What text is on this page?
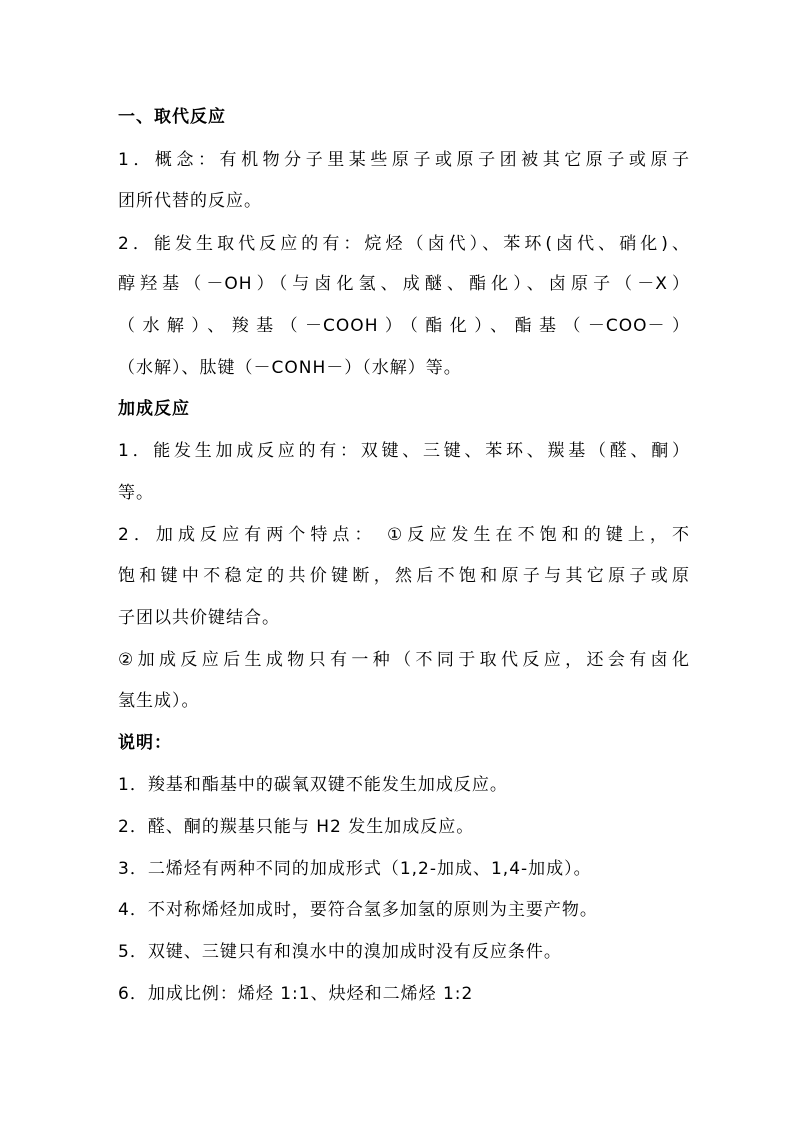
一、取代反应
1．概念：有机物分子里某些原子或原子团被其它原子或原子
团所代替的反应。
2．能发生取代反应的有：烷烃（卤代）、苯环(卤代、硝化)、
醇羟基（－OH）（与卤化氢、成醚、酯化）、卤原子（－X）
（水解）、羧基（－COOH）（酯化）、酯基（－COO－）
（水解）、肽键（－CONH－）（水解）等。
加成反应
1．能发生加成反应的有：双键、三键、苯环、羰基（醛、酮）
等。
2．加成反应有两个特点： ①反应发生在不饱和的键上，不
饱和键中不稳定的共价键断，然后不饱和原子与其它原子或原
子团以共价键结合。
②加成反应后生成物只有一种（不同于取代反应，还会有卤化
氢生成）。
说明：
1．羧基和酯基中的碳氧双键不能发生加成反应。
2．醛、酮的羰基只能与 H2 发生加成反应。
3．二烯烃有两种不同的加成形式（1,2-加成、1,4-加成）。
4．不对称烯烃加成时，要符合氢多加氢的原则为主要产物。
5．双键、三键只有和溴水中的溴加成时没有反应条件。
6．加成比例：烯烃 1:1、炔烃和二烯烃 1:2
